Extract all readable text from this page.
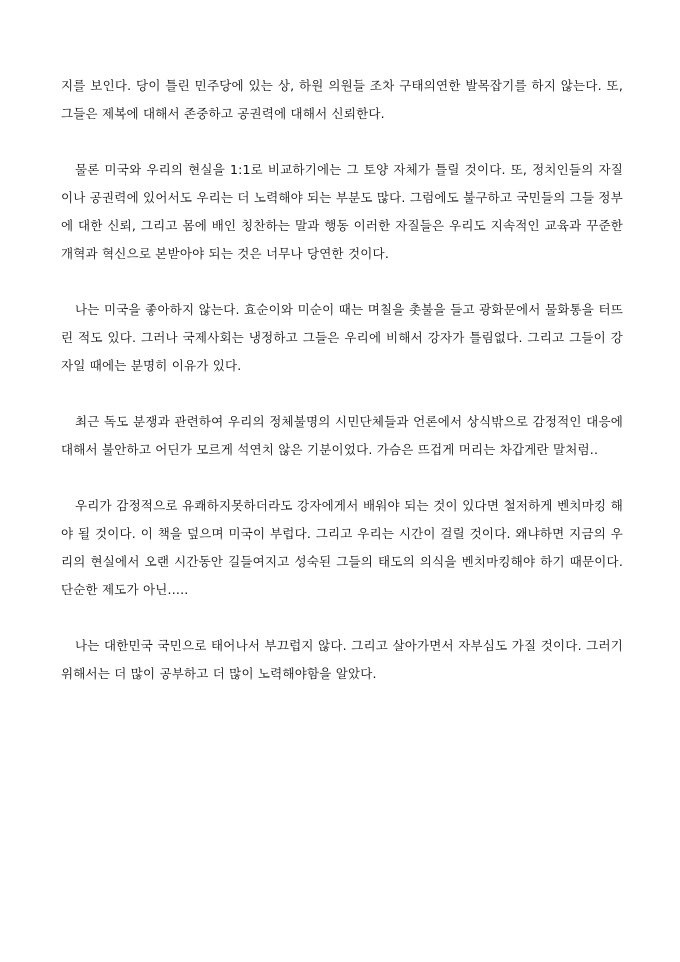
지를 보인다. 당이 틀린 민주당에 있는 상, 하원 의원들 조차 구태의연한 발목잡기를 하지 않는다. 또, 그들은 제복에 대해서 존중하고 공권력에 대해서 신뢰한다.

물론 미국와 우리의 현실을 1:1로 비교하기에는 그 토양 자체가 틀릴 것이다. 또, 정치인들의 자질이나 공권력에 있어서도 우리는 더 노력해야 되는 부분도 많다. 그럼에도 불구하고 국민들의 그들 정부에 대한 신뢰, 그리고 몸에 배인 칭찬하는 말과 행동 이러한 자질들은 우리도 지속적인 교육과 꾸준한 개혁과 혁신으로 본받아야 되는 것은 너무나 당연한 것이다.

나는 미국을 좋아하지 않는다. 효순이와 미순이 때는 며칠을 촛불을 들고 광화문에서 물화통을 터뜨린 적도 있다. 그러나 국제사회는 냉정하고 그들은 우리에 비해서 강자가 틀림없다. 그리고 그들이 강자일 때에는 분명히 이유가 있다.

최근 독도 분쟁과 관련하여 우리의 정체불명의 시민단체들과 언론에서 상식밖으로 감정적인 대응에 대해서 불안하고 어딘가 모르게 석연치 않은 기분이었다. 가슴은 뜨겁게 머리는 차갑게란 말처럼..

우리가 감정적으로 유쾌하지못하더라도 강자에게서 배워야 되는 것이 있다면 철저하게 벤치마킹 해야 될 것이다. 이 책을 덮으며 미국이 부럽다. 그리고 우리는 시간이 걸릴 것이다. 왜냐하면 지금의 우리의 현실에서 오랜 시간동안 길들여지고 성숙된 그들의 태도의 의식을 벤치마킹해야 하기 때문이다. 단순한 제도가 아닌.....

나는 대한민국 국민으로 태어나서 부끄럽지 않다. 그리고 살아가면서 자부심도 가질 것이다. 그러기 위해서는 더 많이 공부하고 더 많이 노력해야함을 알았다.
